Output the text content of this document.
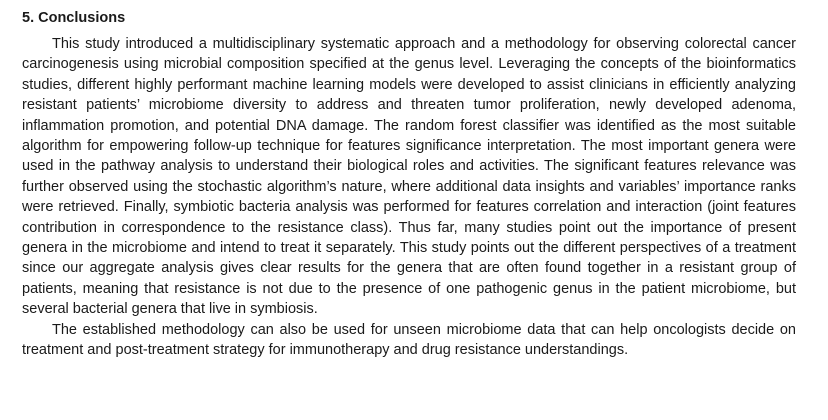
5. Conclusions

This study introduced a multidisciplinary systematic approach and a methodology for observing colorectal cancer carcinogenesis using microbial composition specified at the genus level. Leveraging the concepts of the bioinformatics studies, different highly performant machine learning models were developed to assist clinicians in efficiently analyzing resistant patients’ microbiome diversity to address and threaten tumor proliferation, newly developed adenoma, inflammation promotion, and potential DNA damage. The random forest classifier was identified as the most suitable algorithm for empowering follow-up technique for features significance interpretation. The most important genera were used in the pathway analysis to understand their biological roles and activities. The significant features relevance was further observed using the stochastic algorithm’s nature, where additional data insights and variables’ importance ranks were retrieved. Finally, symbiotic bacteria analysis was performed for features correlation and interaction (joint features contribution in correspondence to the resistance class). Thus far, many studies point out the importance of present genera in the microbiome and intend to treat it separately. This study points out the different perspectives of a treatment since our aggregate analysis gives clear results for the genera that are often found together in a resistant group of patients, meaning that resistance is not due to the presence of one pathogenic genus in the patient microbiome, but several bacterial genera that live in symbiosis.

The established methodology can also be used for unseen microbiome data that can help oncologists decide on treatment and post-treatment strategy for immunotherapy and drug resistance understandings.
